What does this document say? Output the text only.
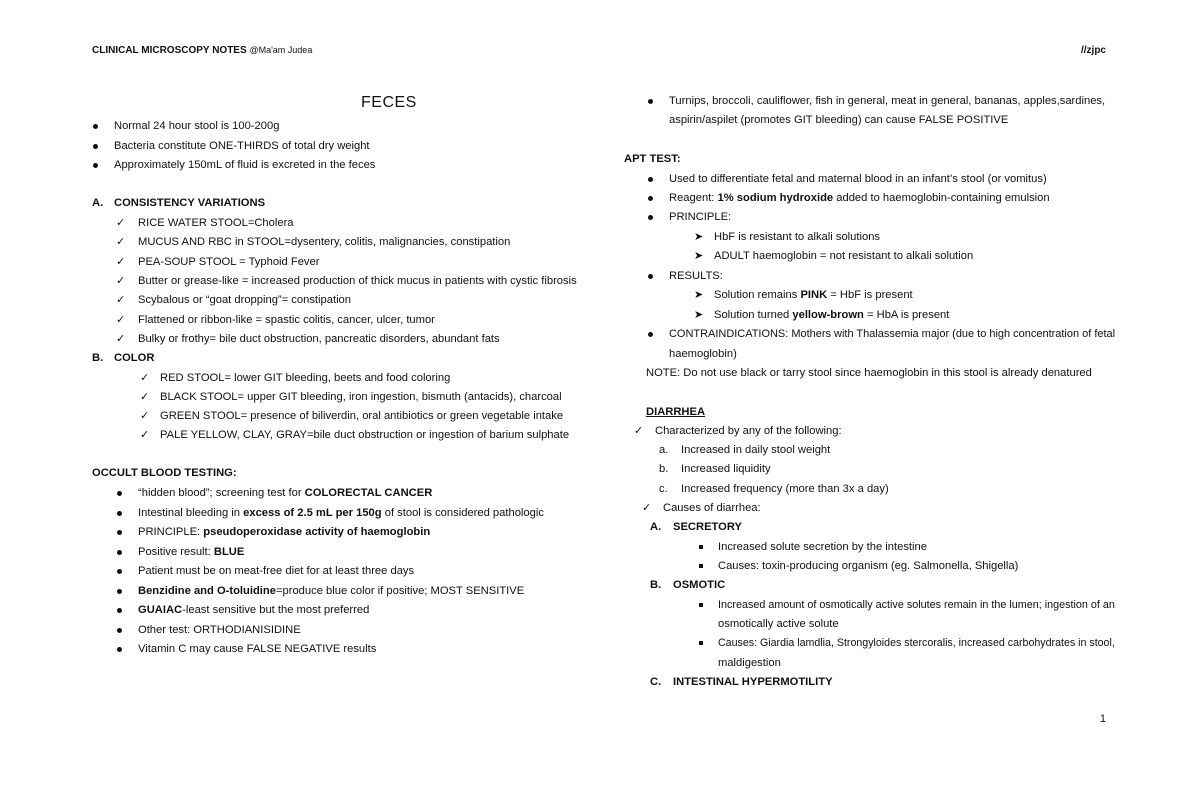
CLINICAL MICROSCOPY NOTES @Ma'am Judea	//zjpc
FECES
Normal 24 hour stool is 100-200g
Bacteria constitute ONE-THIRDS of total dry weight
Approximately 150mL of fluid is excreted in the feces
A. CONSISTENCY VARIATIONS
✓ RICE WATER STOOL=Cholera
✓ MUCUS AND RBC in STOOL=dysentery, colitis, malignancies, constipation
✓ PEA-SOUP STOOL = Typhoid Fever
✓ Butter or grease-like = increased production of thick mucus in patients with cystic fibrosis
✓ Scybalous or “goat dropping”= constipation
✓ Flattened or ribbon-like = spastic colitis, cancer, ulcer, tumor
✓ Bulky or frothy= bile duct obstruction, pancreatic disorders, abundant fats
B. COLOR
✓ RED STOOL= lower GIT bleeding, beets and food coloring
✓ BLACK STOOL= upper GIT bleeding, iron ingestion, bismuth (antacids), charcoal
✓ GREEN STOOL= presence of biliverdin, oral antibiotics or green vegetable intake
✓ PALE YELLOW, CLAY, GRAY=bile duct obstruction or ingestion of barium sulphate
OCCULT BLOOD TESTING:
“hidden blood”; screening test for COLORECTAL CANCER
Intestinal bleeding in excess of 2.5 mL per 150g of stool is considered pathologic
PRINCIPLE: pseudoperoxidase activity of haemoglobin
Positive result: BLUE
Patient must be on meat-free diet for at least three days
Benzidine and O-toluidine=produce blue color if positive; MOST SENSITIVE
GUAIAC-least sensitive but the most preferred
Other test: ORTHODIANISIDINE
Vitamin C may cause FALSE NEGATIVE results
Turnips, broccoli, cauliflower, fish in general, meat in general, bananas, apples,sardines,
aspirin/aspilet (promotes GIT bleeding) can cause FALSE POSITIVE
APT TEST:
Used to differentiate fetal and maternal blood in an infant’s stool (or vomitus)
Reagent: 1% sodium hydroxide added to haemoglobin-containing emulsion
PRINCIPLE:
➤ HbF is resistant to alkali solutions
➤ ADULT haemoglobin = not resistant to alkali solution
RESULTS:
➤ Solution remains PINK = HbF is present
➤ Solution turned yellow-brown = HbA is present
CONTRAINDICATIONS: Mothers with Thalassemia major (due to high concentration of fetal
haemoglobin)
NOTE: Do not use black or tarry stool since haemoglobin in this stool is already denatured
DIARRHEA
✓ Characterized by any of the following:
a. Increased in daily stool weight
b. Increased liquidity
c. Increased frequency (more than 3x a day)
✓ Causes of diarrhea:
A. SECRETORY
Increased solute secretion by the intestine
Causes: toxin-producing organism (eg. Salmonella, Shigella)
B. OSMOTIC
Increased amount of osmotically active solutes remain in the lumen; ingestion of an
osmotically active solute
Causes: Giardia lamdlia, Strongyloides stercoralis, increased carbohydrates in stool,
maldigestion
C. INTESTINAL HYPERMOTILITY
1
